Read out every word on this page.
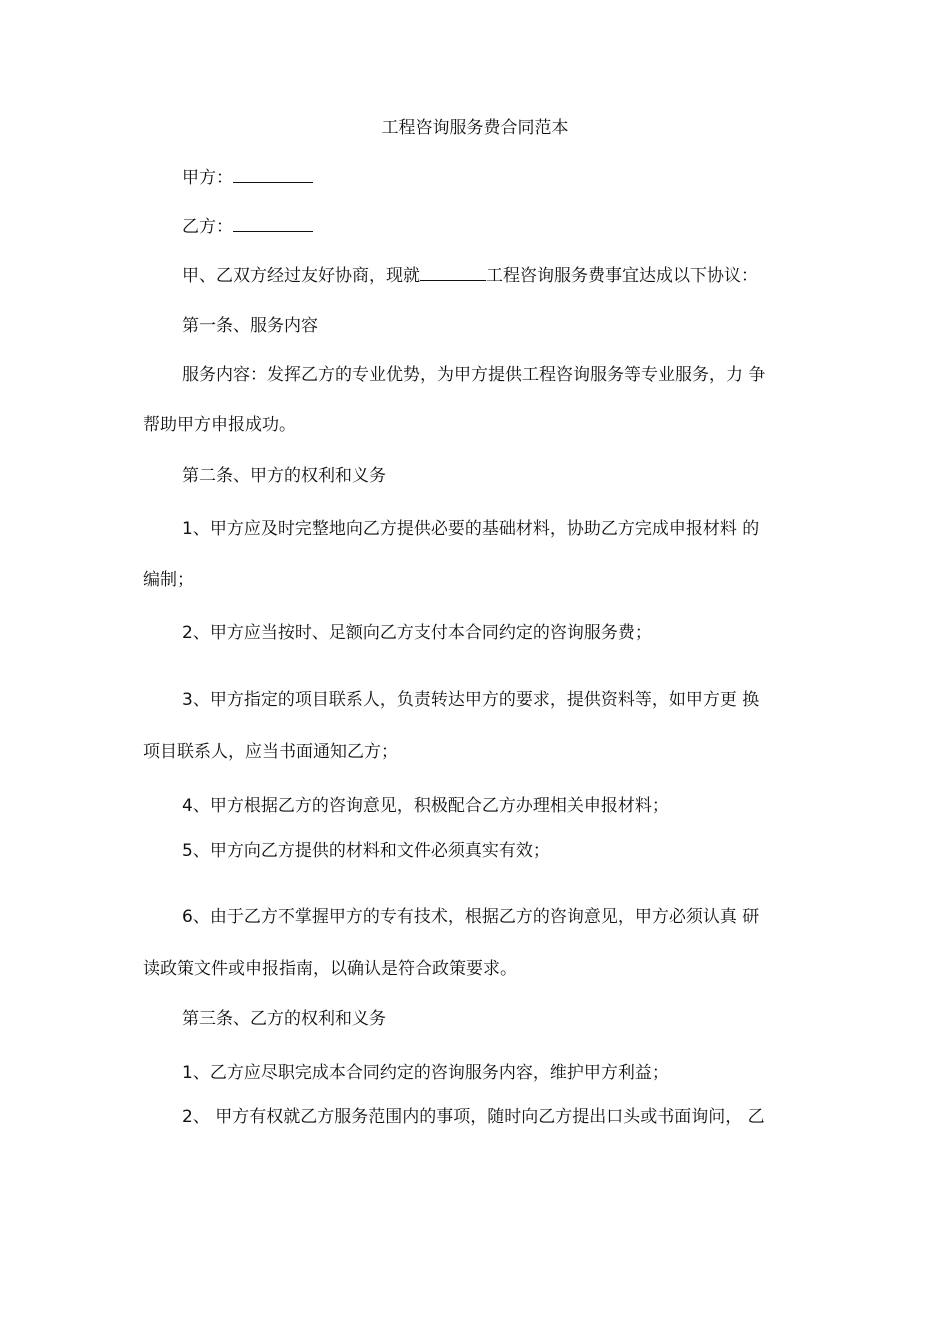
工程咨询服务费合同范本
甲方：
乙方：
甲、乙双方经过友好协商，现就	工程咨询服务费事宜达成以下协议：
第一条、服务内容
服务内容：发挥乙方的专业优势，为甲方提供工程咨询服务等专业服务，力 争
帮助甲方申报成功。
第二条、甲方的权利和义务
1、甲方应及时完整地向乙方提供必要的基础材料，协助乙方完成申报材料 的
编制；
2、甲方应当按时、足额向乙方支付本合同约定的咨询服务费；
3、甲方指定的项目联系人，负责转达甲方的要求，提供资料等，如甲方更 换
项目联系人，应当书面通知乙方；
4、甲方根据乙方的咨询意见，积极配合乙方办理相关申报材料；
5、甲方向乙方提供的材料和文件必须真实有效；
6、由于乙方不掌握甲方的专有技术，根据乙方的咨询意见，甲方必须认真 研
读政策文件或申报指南，以确认是符合政策要求。
第三条、乙方的权利和义务
1、乙方应尽职完成本合同约定的咨询服务内容，维护甲方利益；
2、 甲方有权就乙方服务范围内的事项，随时向乙方提出口头或书面询问， 乙
